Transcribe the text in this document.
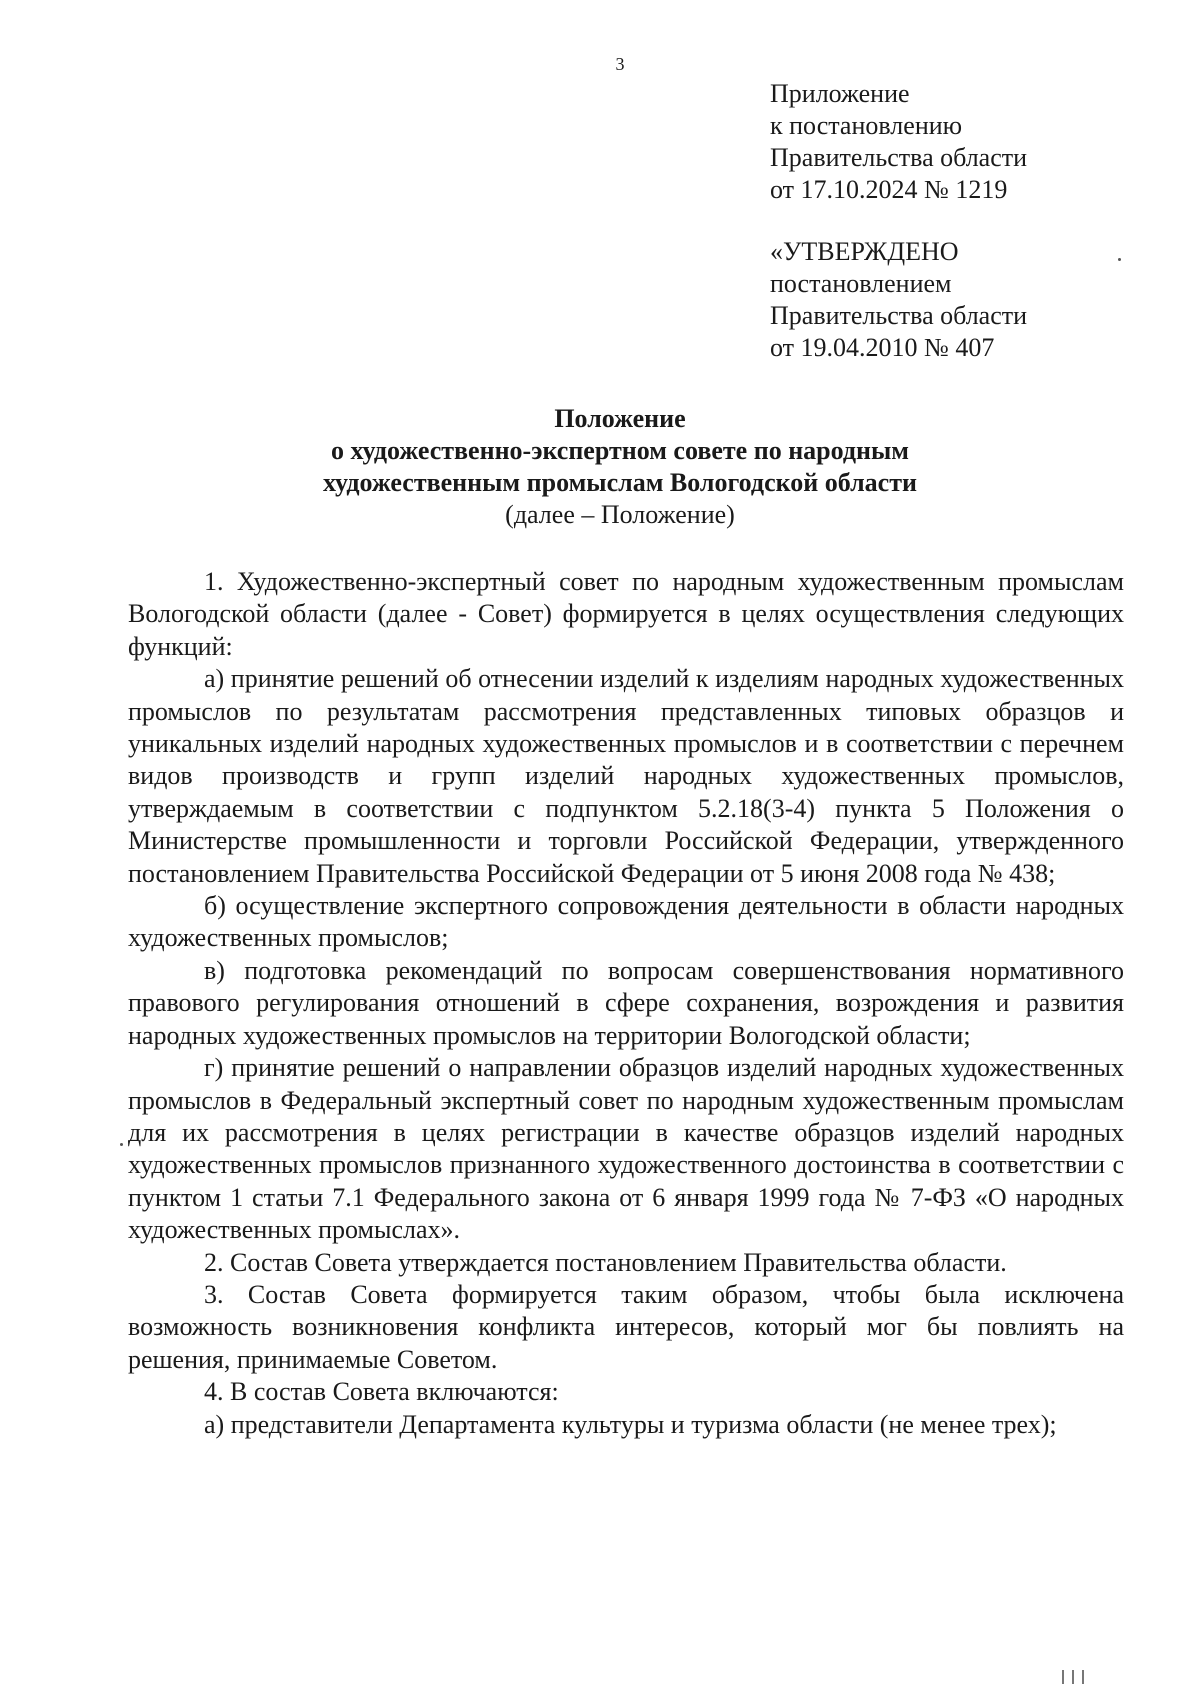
3
Приложение
к постановлению
Правительства области
от 17.10.2024 № 1219
«УТВЕРЖДЕНО
постановлением
Правительства области
от 19.04.2010 № 407
Положение
о художественно-экспертном совете по народным
художественным промыслам Вологодской области
(далее – Положение)

1. Художественно-экспертный совет по народным художественным промыслам Вологодской области (далее - Совет) формируется в целях осуществления следующих функций:

а) принятие решений об отнесении изделий к изделиям народных художественных промыслов по результатам рассмотрения представленных типовых образцов и уникальных изделий народных художественных промыслов и в соответствии с перечнем видов производств и групп изделий народных художественных промыслов, утверждаемым в соответствии с подпунктом 5.2.18(3-4) пункта 5 Положения о Министерстве промышленности и торговли Российской Федерации, утвержденного постановлением Правительства Российской Федерации от 5 июня 2008 года № 438;

б) осуществление экспертного сопровождения деятельности в области народных художественных промыслов;

в) подготовка рекомендаций по вопросам совершенствования нормативного правового регулирования отношений в сфере сохранения, возрождения и развития народных художественных промыслов на территории Вологодской области;

г) принятие решений о направлении образцов изделий народных художественных промыслов в Федеральный экспертный совет по народным художественным промыслам для их рассмотрения в целях регистрации в качестве образцов изделий народных художественных промыслов признанного художественного достоинства в соответствии с пунктом 1 статьи 7.1 Федерального закона от 6 января 1999 года № 7-ФЗ «О народных художественных промыслах».

2. Состав Совета утверждается постановлением Правительства области.

3. Состав Совета формируется таким образом, чтобы была исключена возможность возникновения конфликта интересов, который мог бы повлиять на решения, принимаемые Советом.

4. В состав Совета включаются:

а) представители Департамента культуры и туризма области (не менее трех);
